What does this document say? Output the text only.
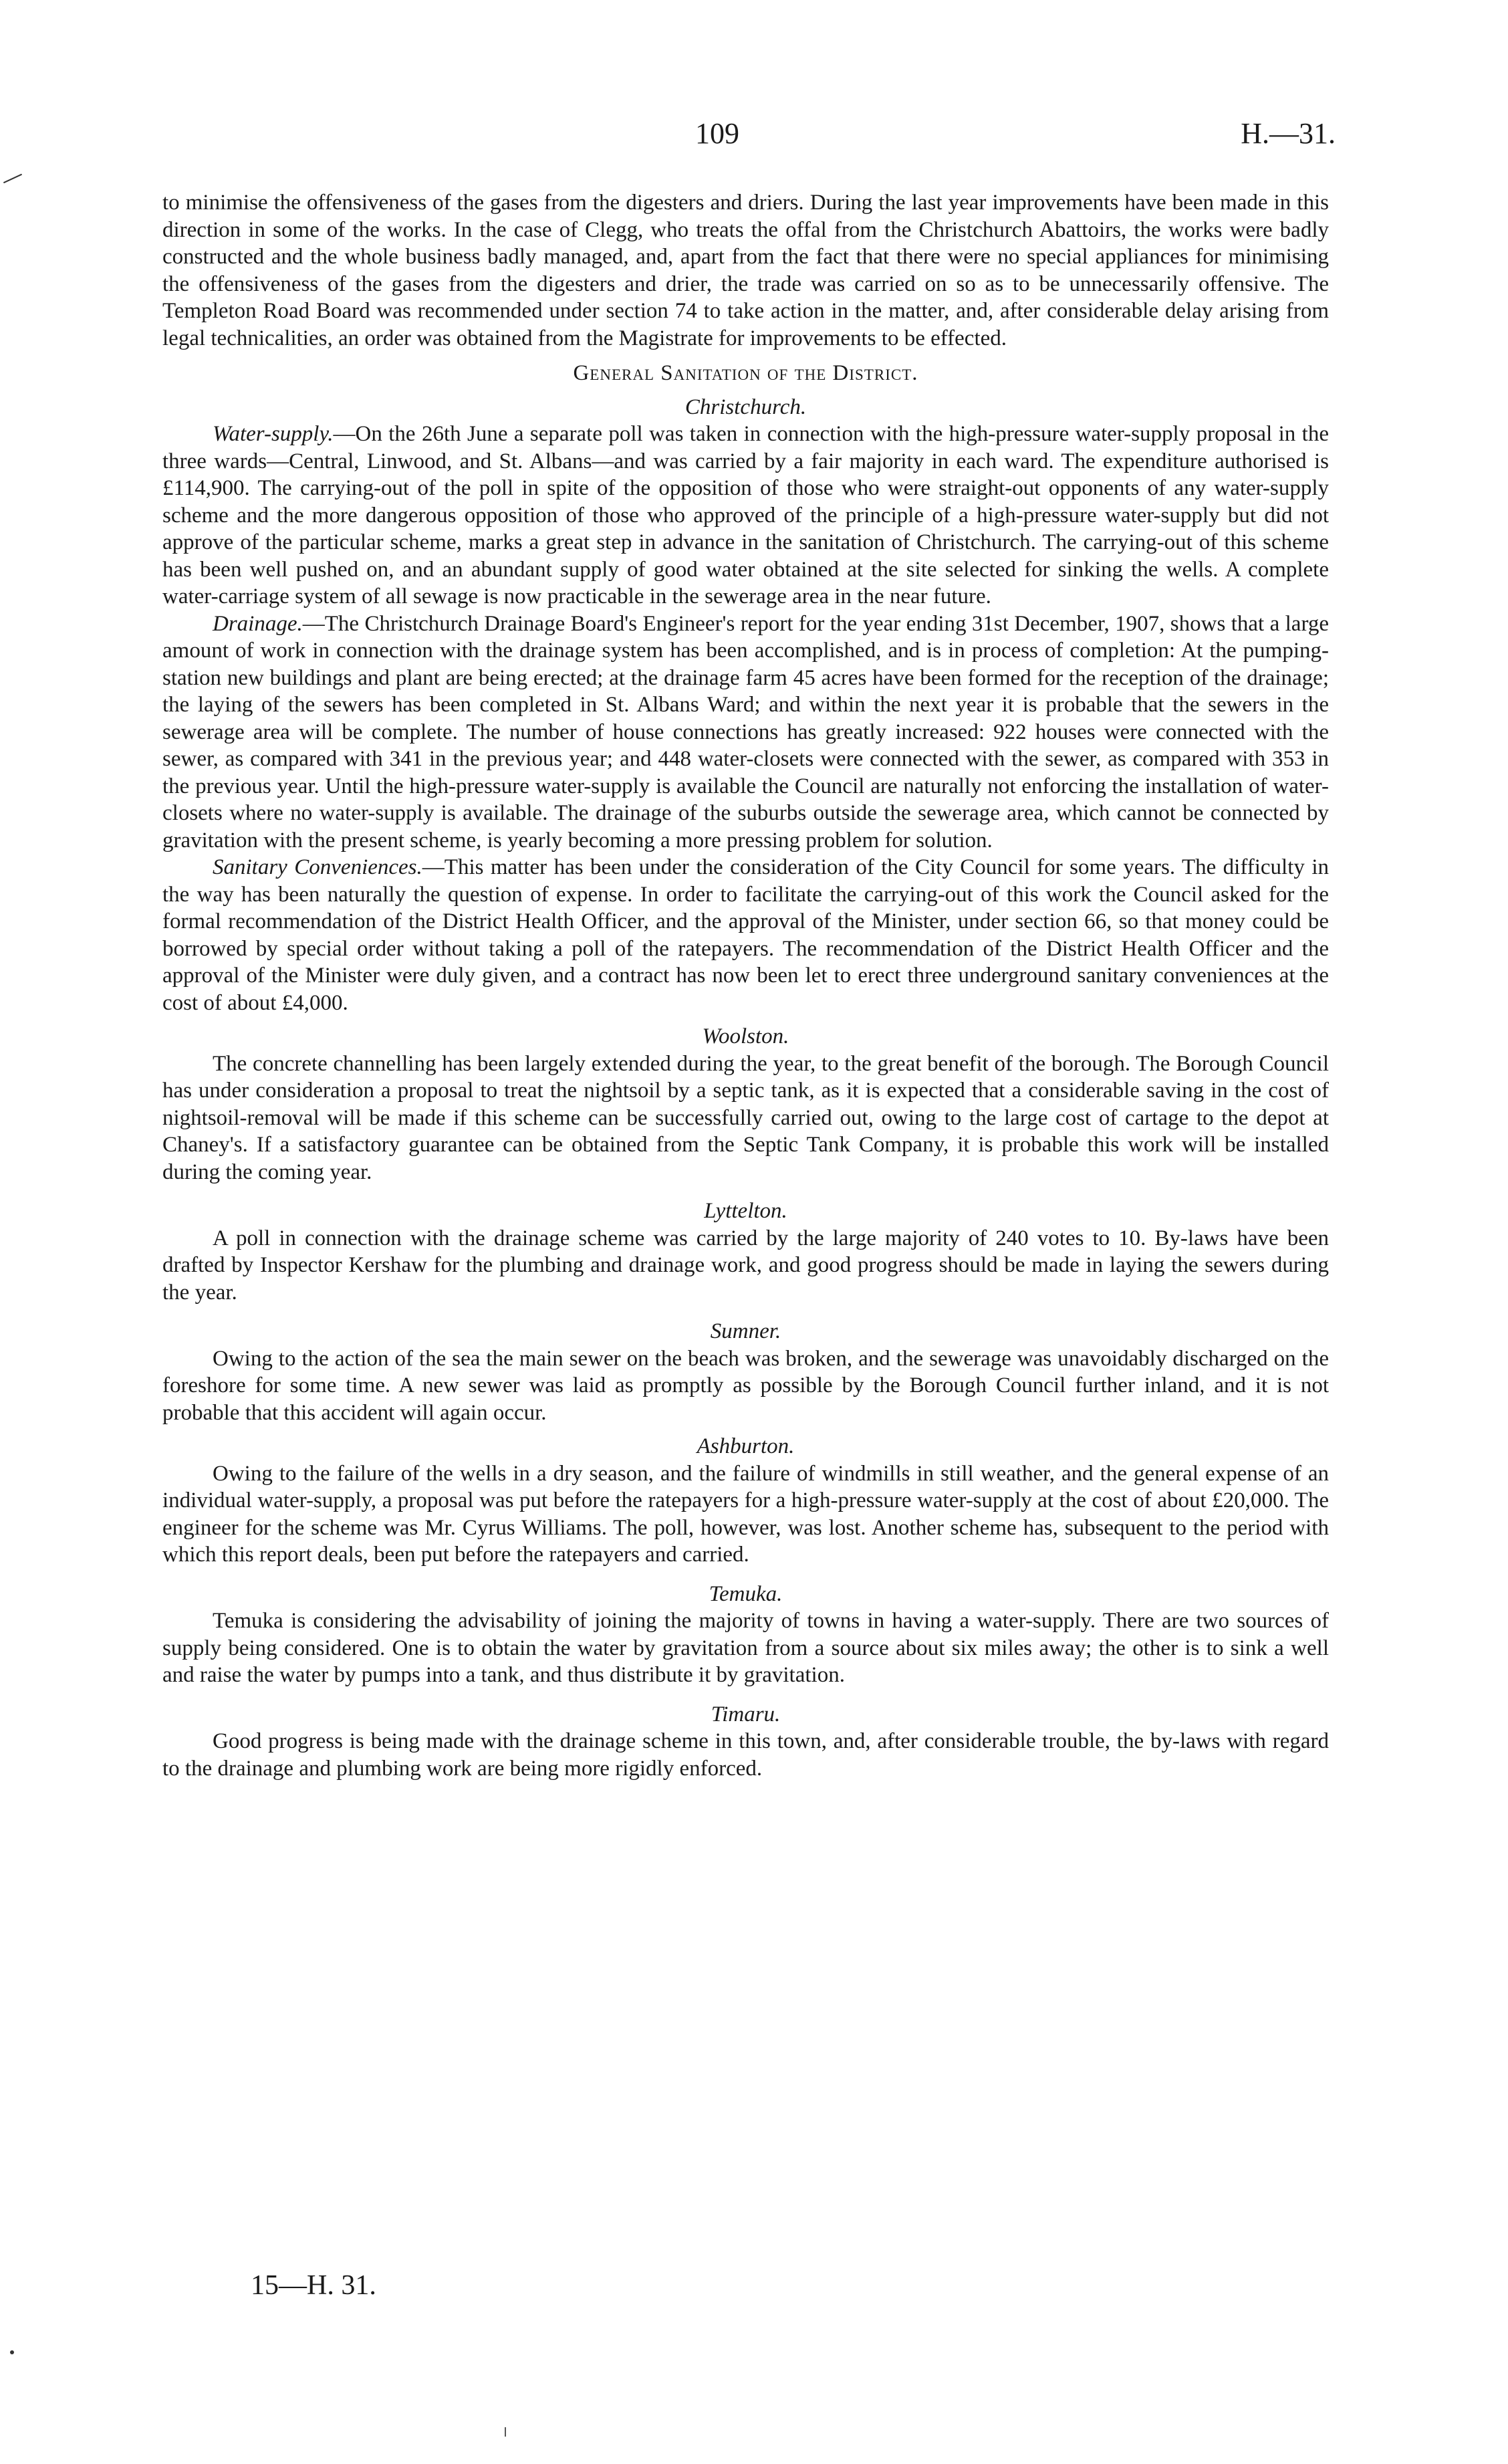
109	H.—31.

to minimise the offensiveness of the gases from the digesters and driers. During the last year improvements have been made in this direction in some of the works. In the case of Clegg, who treats the offal from the Christchurch Abattoirs, the works were badly constructed and the whole business badly managed, and, apart from the fact that there were no special appliances for minimising the offensiveness of the gases from the digesters and drier, the trade was carried on so as to be unnecessarily offensive. The Templeton Road Board was recommended under section 74 to take action in the matter, and, after considerable delay arising from legal technicalities, an order was obtained from the Magistrate for improvements to be effected.

General Sanitation of the District.

Christchurch.

Water-supply.—On the 26th June a separate poll was taken in connection with the high-pressure water-supply proposal in the three wards—Central, Linwood, and St. Albans—and was carried by a fair majority in each ward. The expenditure authorised is £114,900. The carrying-out of the poll in spite of the opposition of those who were straight-out opponents of any water-supply scheme and the more dangerous opposition of those who approved of the principle of a high-pressure water-supply but did not approve of the particular scheme, marks a great step in advance in the sanitation of Christchurch. The carrying-out of this scheme has been well pushed on, and an abundant supply of good water obtained at the site selected for sinking the wells. A complete water-carriage system of all sewage is now practicable in the sewerage area in the near future.

Drainage.—The Christchurch Drainage Board's Engineer's report for the year ending 31st December, 1907, shows that a large amount of work in connection with the drainage system has been accomplished, and is in process of completion: At the pumping-station new buildings and plant are being erected; at the drainage farm 45 acres have been formed for the reception of the drainage; the laying of the sewers has been completed in St. Albans Ward; and within the next year it is probable that the sewers in the sewerage area will be complete. The number of house connections has greatly increased: 922 houses were connected with the sewer, as compared with 341 in the previous year; and 448 water-closets were connected with the sewer, as compared with 353 in the previous year. Until the high-pressure water-supply is available the Council are naturally not enforcing the installation of water-closets where no water-supply is available. The drainage of the suburbs outside the sewerage area, which cannot be connected by gravitation with the present scheme, is yearly becoming a more pressing problem for solution.

Sanitary Conveniences.—This matter has been under the consideration of the City Council for some years. The difficulty in the way has been naturally the question of expense. In order to facilitate the carrying-out of this work the Council asked for the formal recommendation of the District Health Officer, and the approval of the Minister, under section 66, so that money could be borrowed by special order without taking a poll of the ratepayers. The recommendation of the District Health Officer and the approval of the Minister were duly given, and a contract has now been let to erect three underground sanitary conveniences at the cost of about £4,000.

Woolston.

The concrete channelling has been largely extended during the year, to the great benefit of the borough. The Borough Council has under consideration a proposal to treat the nightsoil by a septic tank, as it is expected that a considerable saving in the cost of nightsoil-removal will be made if this scheme can be successfully carried out, owing to the large cost of cartage to the depot at Chaney's. If a satisfactory guarantee can be obtained from the Septic Tank Company, it is probable this work will be installed during the coming year.

Lyttelton.

A poll in connection with the drainage scheme was carried by the large majority of 240 votes to 10. By-laws have been drafted by Inspector Kershaw for the plumbing and drainage work, and good progress should be made in laying the sewers during the year.

Sumner.

Owing to the action of the sea the main sewer on the beach was broken, and the sewerage was unavoidably discharged on the foreshore for some time. A new sewer was laid as promptly as possible by the Borough Council further inland, and it is not probable that this accident will again occur.

Ashburton.

Owing to the failure of the wells in a dry season, and the failure of windmills in still weather, and the general expense of an individual water-supply, a proposal was put before the ratepayers for a high-pressure water-supply at the cost of about £20,000. The engineer for the scheme was Mr. Cyrus Williams. The poll, however, was lost. Another scheme has, subsequent to the period with which this report deals, been put before the ratepayers and carried.

Temuka.

Temuka is considering the advisability of joining the majority of towns in having a water-supply. There are two sources of supply being considered. One is to obtain the water by gravitation from a source about six miles away; the other is to sink a well and raise the water by pumps into a tank, and thus distribute it by gravitation.

Timaru.

Good progress is being made with the drainage scheme in this town, and, after considerable trouble, the by-laws with regard to the drainage and plumbing work are being more rigidly enforced.

15—H. 31.
